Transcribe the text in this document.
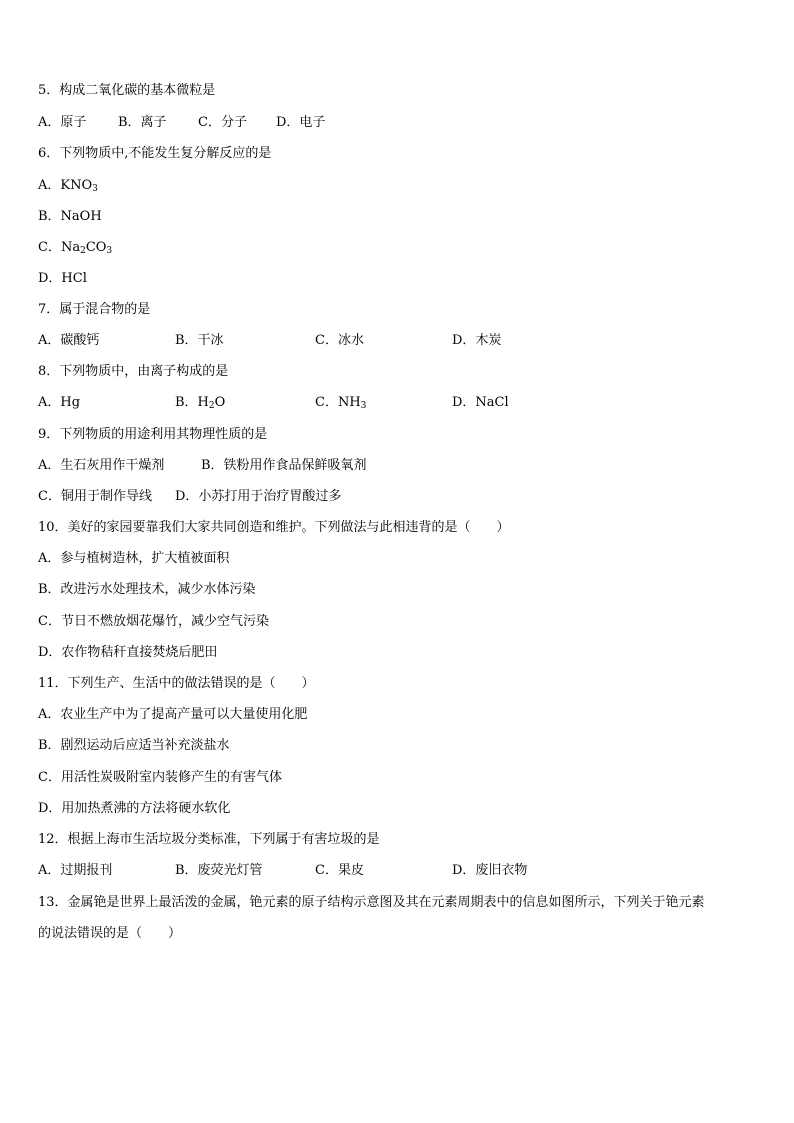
5．构成二氧化碳的基本微粒是
A．原子 B．离子 C．分子 D．电子
6．下列物质中,不能发生复分解反应的是
A．$KNO_3$
B．NaOH
C．$Na_2CO_3$
D．HCl
7．属于混合物的是
A．碳酸钙	B．干冰	C．冰水	D．木炭
8．下列物质中，由离子构成的是
A．Hg	B．$H_2O$	C．$NH_3$	D．NaCl
9．下列物质的用途利用其物理性质的是
A．生石灰用作干燥剂	B．铁粉用作食品保鲜吸氧剂
C．铜用于制作导线 D．小苏打用于治疗胃酸过多
10．美好的家园要靠我们大家共同创造和维护。下列做法与此相违背的是（　　）
A．参与植树造林，扩大植被面积
B．改进污水处理技术，减少水体污染
C．节日不燃放烟花爆竹，减少空气污染
D．农作物秸秆直接焚烧后肥田
11．下列生产、生活中的做法错误的是（　　）
A．农业生产中为了提高产量可以大量使用化肥
B．剧烈运动后应适当补充淡盐水
C．用活性炭吸附室内装修产生的有害气体
D．用加热煮沸的方法将硬水软化
12．根据上海市生活垃圾分类标准，下列属于有害垃圾的是
A．过期报刊	B．废荧光灯管	C．果皮	D．废旧衣物
13．金属铯是世界上最活泼的金属，铯元素的原子结构示意图及其在元素周期表中的信息如图所示，下列关于铯元素
的说法错误的是（　　）
